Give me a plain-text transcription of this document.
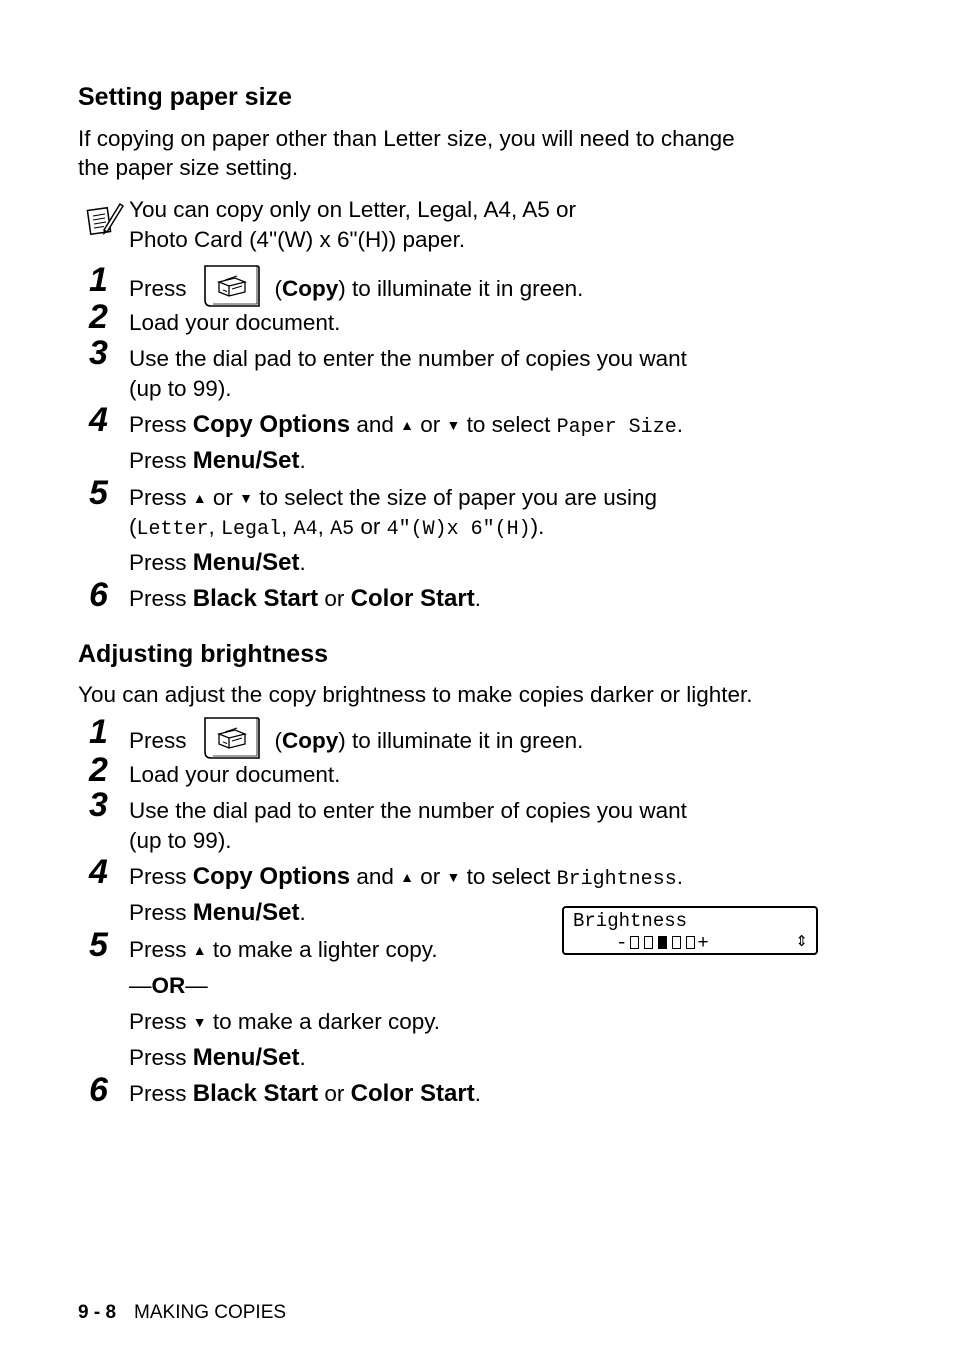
Setting paper size
If copying on paper other than Letter size, you will need to change
the paper size setting.
You can copy only on Letter, Legal, A4, A5 or
Photo Card (4"(W) x 6"(H)) paper.
1 Press	(Copy) to illuminate it in green.
2 Load your document.
3 Use the dial pad to enter the number of copies you want
(up to 99).
4 Press Copy Options and ▲ or ▼ to select Paper Size.
Press Menu/Set.
5 Press ▲ or ▼ to select the size of paper you are using
(Letter, Legal, A4, A5 or 4"(W)x 6"(H)).
Press Menu/Set.
6 Press Black Start or Color Start.
Adjusting brightness
You can adjust the copy brightness to make copies darker or lighter.
1 Press	(Copy) to illuminate it in green.
2 Load your document.
3 Use the dial pad to enter the number of copies you want
(up to 99).
4 Press Copy Options and ▲ or ▼ to select Brightness.
Press Menu/Set.	Brightness
-	+	⇕
5 Press ▲ to make a lighter copy.
—OR—
Press ▼ to make a darker copy.
Press Menu/Set.
6 Press Black Start or Color Start.
9 - 8 MAKING COPIES
